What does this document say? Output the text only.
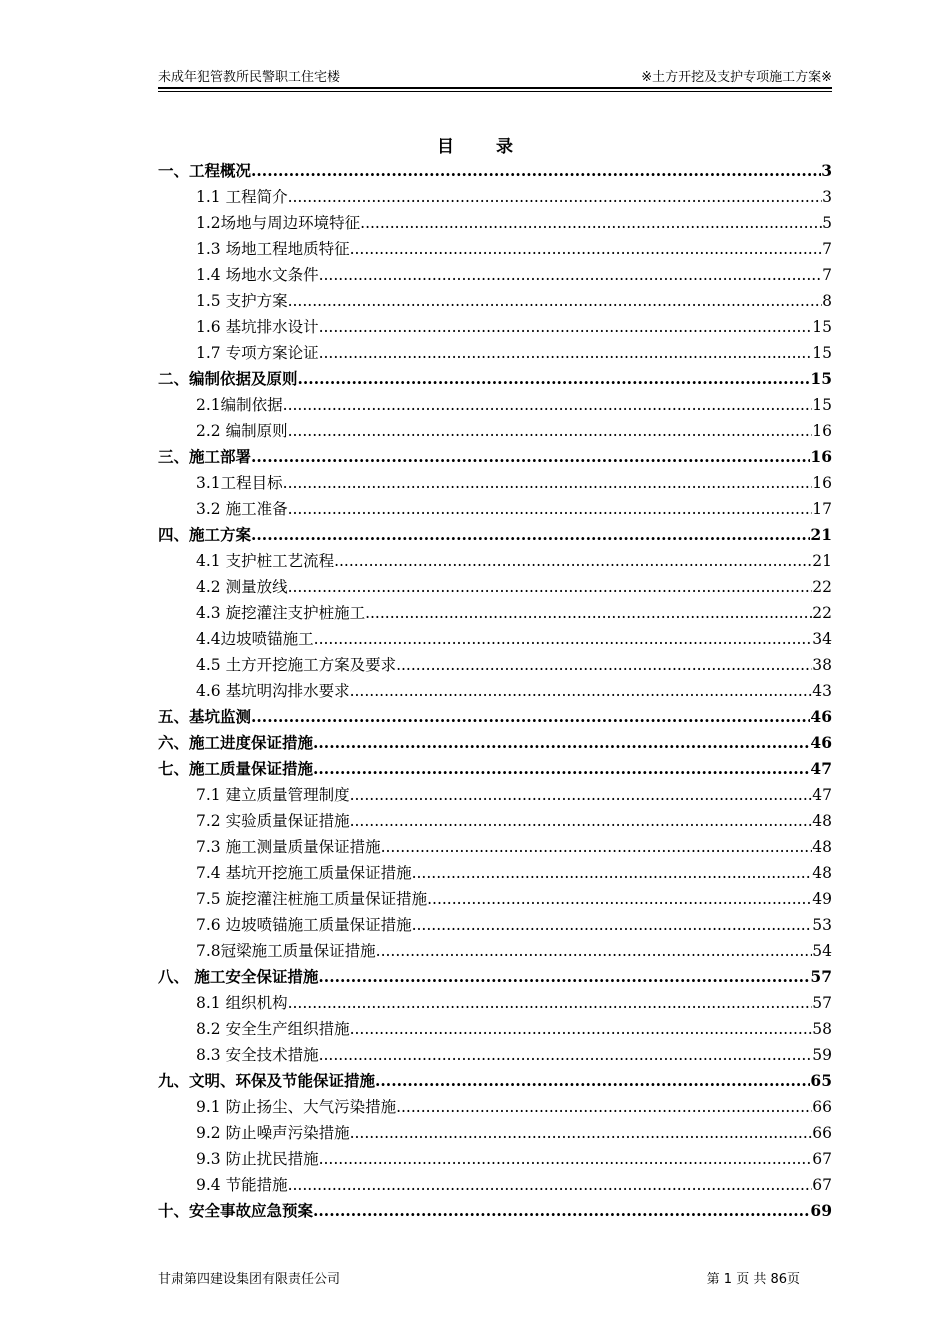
未成年犯管教所民警职工住宅楼	※土方开挖及支护专项施工方案※
目 录
一、工程概况 .....	3
1.1 工程简介 .....	3
1.2场地与周边环境特征 .....	5
1.3 场地工程地质特征 .....	7
1.4 场地水文条件 .....	7
1.5 支护方案 .....	8
1.6 基坑排水设计 .....	15
1.7 专项方案论证 .....	15
二、编制依据及原则 .....	15
2.1编制依据 .....	15
2.2 编制原则 .....	16
三、施工部署 .....	16
3.1工程目标 .....	16
3.2 施工准备 .....	17
四、施工方案 .....	21
4.1 支护桩工艺流程 .....	21
4.2 测量放线 .....	22
4.3 旋挖灌注支护桩施工 .....	22
4.4边坡喷锚施工 .....	34
4.5 土方开挖施工方案及要求 .....	38
4.6 基坑明沟排水要求 .....	43
五、基坑监测 .....	46
六、施工进度保证措施 .....	46
七、施工质量保证措施 .....	47
7.1 建立质量管理制度 .....	47
7.2 实验质量保证措施 .....	48
7.3 施工测量质量保证措施 .....	48
7.4 基坑开挖施工质量保证措施 .....	48
7.5 旋挖灌注桩施工质量保证措施 .....	49
7.6 边坡喷锚施工质量保证措施 .....	53
7.8冠梁施工质量保证措施 .....	54
八、 施工安全保证措施 .....	57
8.1 组织机构 .....	57
8.2 安全生产组织措施 .....	58
8.3 安全技术措施 .....	59
九、文明、环保及节能保证措施 .....	65
9.1 防止扬尘、大气污染措施 .....	66
9.2 防止噪声污染措施 .....	66
9.3 防止扰民措施 .....	67
9.4 节能措施 .....	67
十、安全事故应急预案 .....	69
甘肃第四建设集团有限责任公司	第 1 页 共 86页
